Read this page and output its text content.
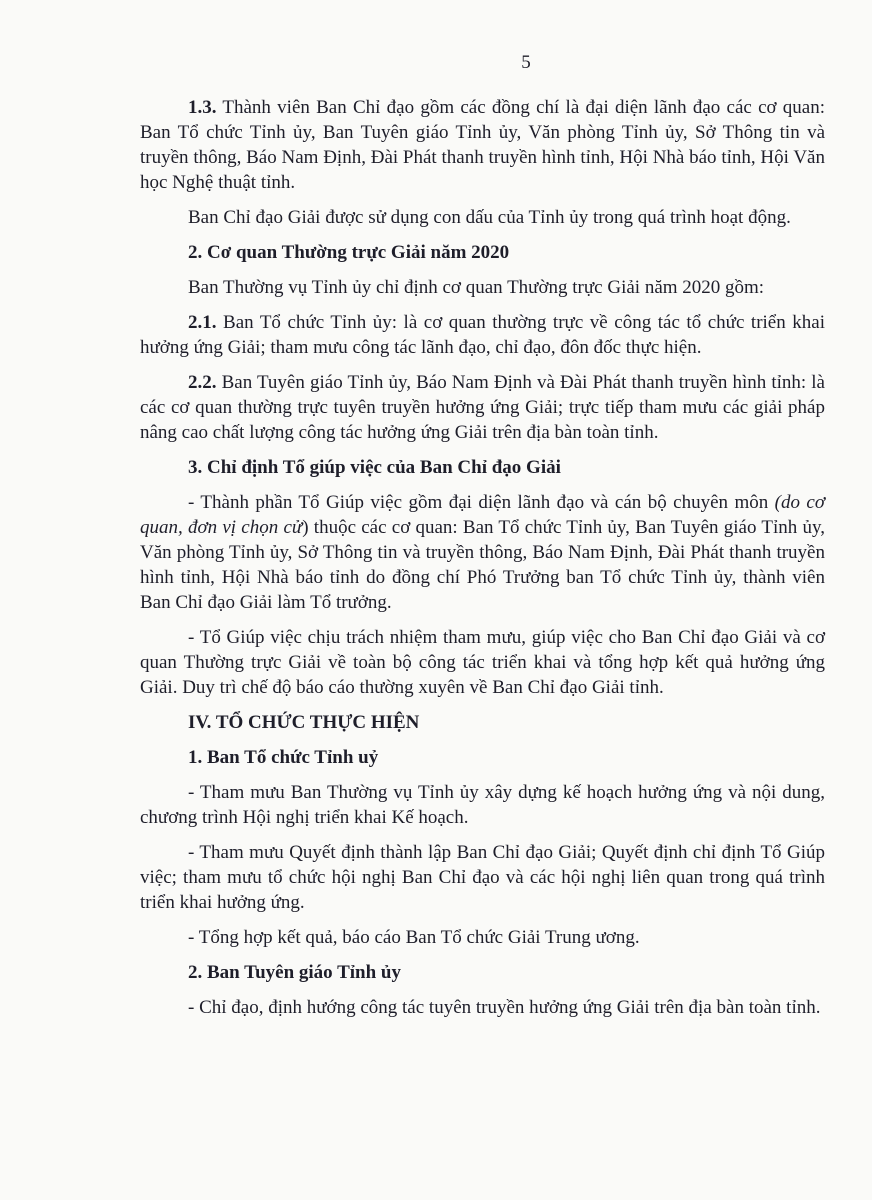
5

1.3. Thành viên Ban Chỉ đạo gồm các đồng chí là đại diện lãnh đạo các cơ quan: Ban Tổ chức Tỉnh ủy, Ban Tuyên giáo Tỉnh ủy, Văn phòng Tỉnh ủy, Sở Thông tin và truyền thông, Báo Nam Định, Đài Phát thanh truyền hình tỉnh, Hội Nhà báo tỉnh, Hội Văn học Nghệ thuật tỉnh.

Ban Chỉ đạo Giải được sử dụng con dấu của Tỉnh ủy trong quá trình hoạt động.

2. Cơ quan Thường trực Giải năm 2020

Ban Thường vụ Tỉnh ủy chỉ định cơ quan Thường trực Giải năm 2020 gồm:

2.1. Ban Tổ chức Tỉnh ủy: là cơ quan thường trực về công tác tổ chức triển khai hưởng ứng Giải; tham mưu công tác lãnh đạo, chỉ đạo, đôn đốc thực hiện.

2.2. Ban Tuyên giáo Tỉnh ủy, Báo Nam Định và Đài Phát thanh truyền hình tỉnh: là các cơ quan thường trực tuyên truyền hưởng ứng Giải; trực tiếp tham mưu các giải pháp nâng cao chất lượng công tác hưởng ứng Giải trên địa bàn toàn tỉnh.

3. Chỉ định Tổ giúp việc của Ban Chỉ đạo Giải

- Thành phần Tổ Giúp việc gồm đại diện lãnh đạo và cán bộ chuyên môn (do cơ quan, đơn vị chọn cử) thuộc các cơ quan: Ban Tổ chức Tỉnh ủy, Ban Tuyên giáo Tỉnh ủy, Văn phòng Tỉnh ủy, Sở Thông tin và truyền thông, Báo Nam Định, Đài Phát thanh truyền hình tỉnh, Hội Nhà báo tỉnh do đồng chí Phó Trưởng ban Tổ chức Tỉnh ủy, thành viên Ban Chỉ đạo Giải làm Tổ trưởng.

- Tổ Giúp việc chịu trách nhiệm tham mưu, giúp việc cho Ban Chỉ đạo Giải và cơ quan Thường trực Giải về toàn bộ công tác triển khai và tổng hợp kết quả hưởng ứng Giải. Duy trì chế độ báo cáo thường xuyên về Ban Chỉ đạo Giải tỉnh.

IV. TỔ CHỨC THỰC HIỆN

1. Ban Tổ chức Tỉnh uỷ

- Tham mưu Ban Thường vụ Tỉnh ủy xây dựng kế hoạch hưởng ứng và nội dung, chương trình Hội nghị triển khai Kế hoạch.

- Tham mưu Quyết định thành lập Ban Chỉ đạo Giải; Quyết định chỉ định Tổ Giúp việc; tham mưu tổ chức hội nghị Ban Chỉ đạo và các hội nghị liên quan trong quá trình triển khai hưởng ứng.

- Tổng hợp kết quả, báo cáo Ban Tổ chức Giải Trung ương.

2. Ban Tuyên giáo Tỉnh ủy

- Chỉ đạo, định hướng công tác tuyên truyền hưởng ứng Giải trên địa bàn toàn tỉnh.
